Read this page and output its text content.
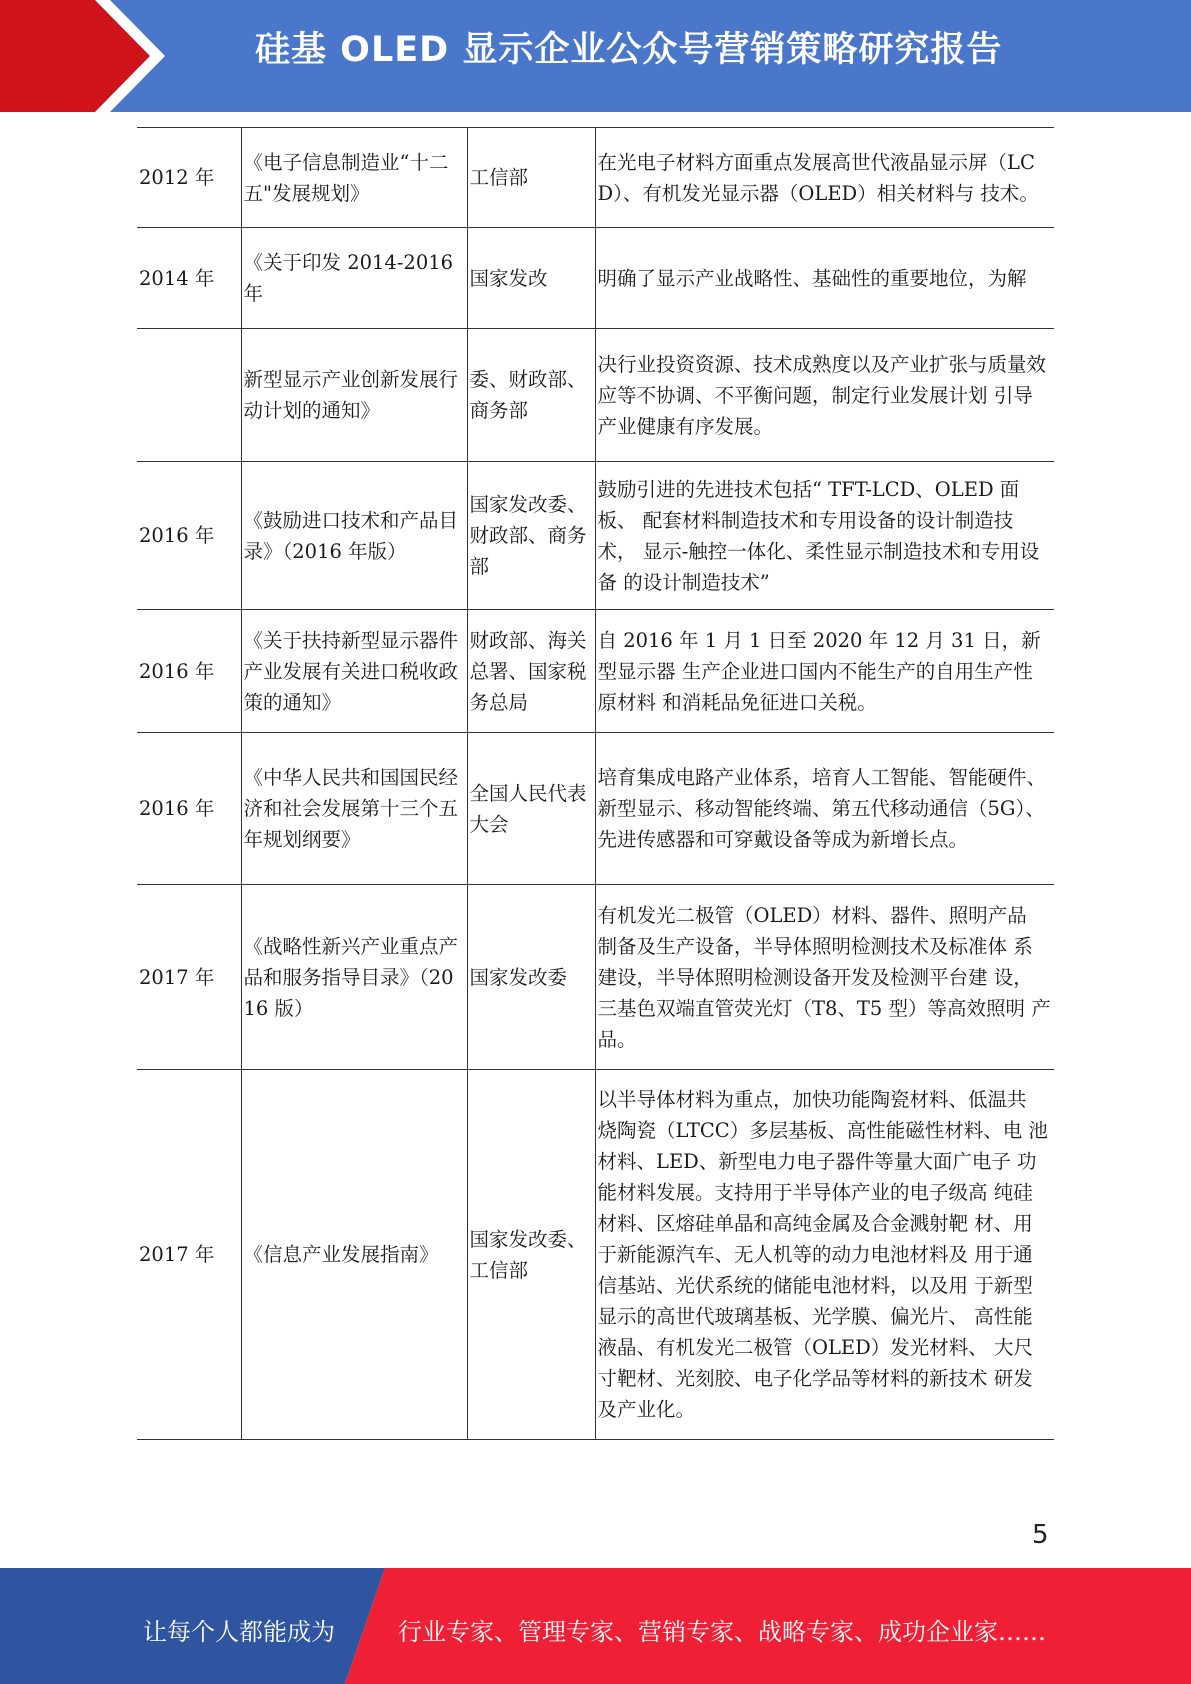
硅基 OLED 显示企业公众号营销策略研究报告
2012 年	《电子信息制造业“十二五"发展规划》	工信部	在光电子材料方面重点发展高世代液晶显示屏（LCD）、有机发光显示器（OLED）相关材料与 技术。
2014 年	《关于印发 2014-2016 年	国家发改	明确了显示产业战略性、基础性的重要地位，为解
	新型显示产业创新发展行动计划的通知》	委、财政部、商务部	决行业投资资源、技术成熟度以及产业扩张与质量效应等不协调、不平衡问题，制定行业发展计划 引导产业健康有序发展。
2016 年	《鼓励进口技术和产品目录》（2016 年版）	国家发改委、财政部、商务部	鼓励引进的先进技术包括“ TFT-LCD、OLED 面板、 配套材料制造技术和专用设备的设计制造技术， 显示-触控一体化、柔性显示制造技术和专用设备 的设计制造技术”
2016 年	《关于扶持新型显示器件产业发展有关进口税收政策的通知》	财政部、海关总署、国家税务总局	自 2016 年 1 月 1 日至 2020 年 12 月 31 日，新型显示器 生产企业进口国内不能生产的自用生产性原材料 和消耗品免征进口关税。
2016 年	《中华人民共和国国民经济和社会发展第十三个五年规划纲要》	全国人民代表大会	培育集成电路产业体系，培育人工智能、智能硬件、新型显示、移动智能终端、第五代移动通信（5G）、先进传感器和可穿戴设备等成为新增长点。
2017 年	《战略性新兴产业重点产品和服务指导目录》（2016 版）	国家发改委	有机发光二极管（OLED）材料、器件、照明产品 制备及生产设备，半导体照明检测技术及标准体 系建设，半导体照明检测设备开发及检测平台建 设，三基色双端直管荧光灯（T8、T5 型）等高效照明 产品。
2017 年	《信息产业发展指南》	国家发改委、工信部	以半导体材料为重点，加快功能陶瓷材料、低温共 烧陶瓷（LTCC）多层基板、高性能磁性材料、电 池材料、LED、新型电力电子器件等量大面广电子 功能材料发展。支持用于半导体产业的电子级高 纯硅材料、区熔硅单晶和高纯金属及合金溅射靶 材、用于新能源汽车、无人机等的动力电池材料及 用于通信基站、光伏系统的储能电池材料，以及用 于新型显示的高世代玻璃基板、光学膜、偏光片、 高性能液晶、有机发光二极管（OLED）发光材料、 大尺寸靶材、光刻胶、电子化学品等材料的新技术 研发及产业化。
5
让每个人都能成为	行业专家、管理专家、营销专家、战略专家、成功企业家……
